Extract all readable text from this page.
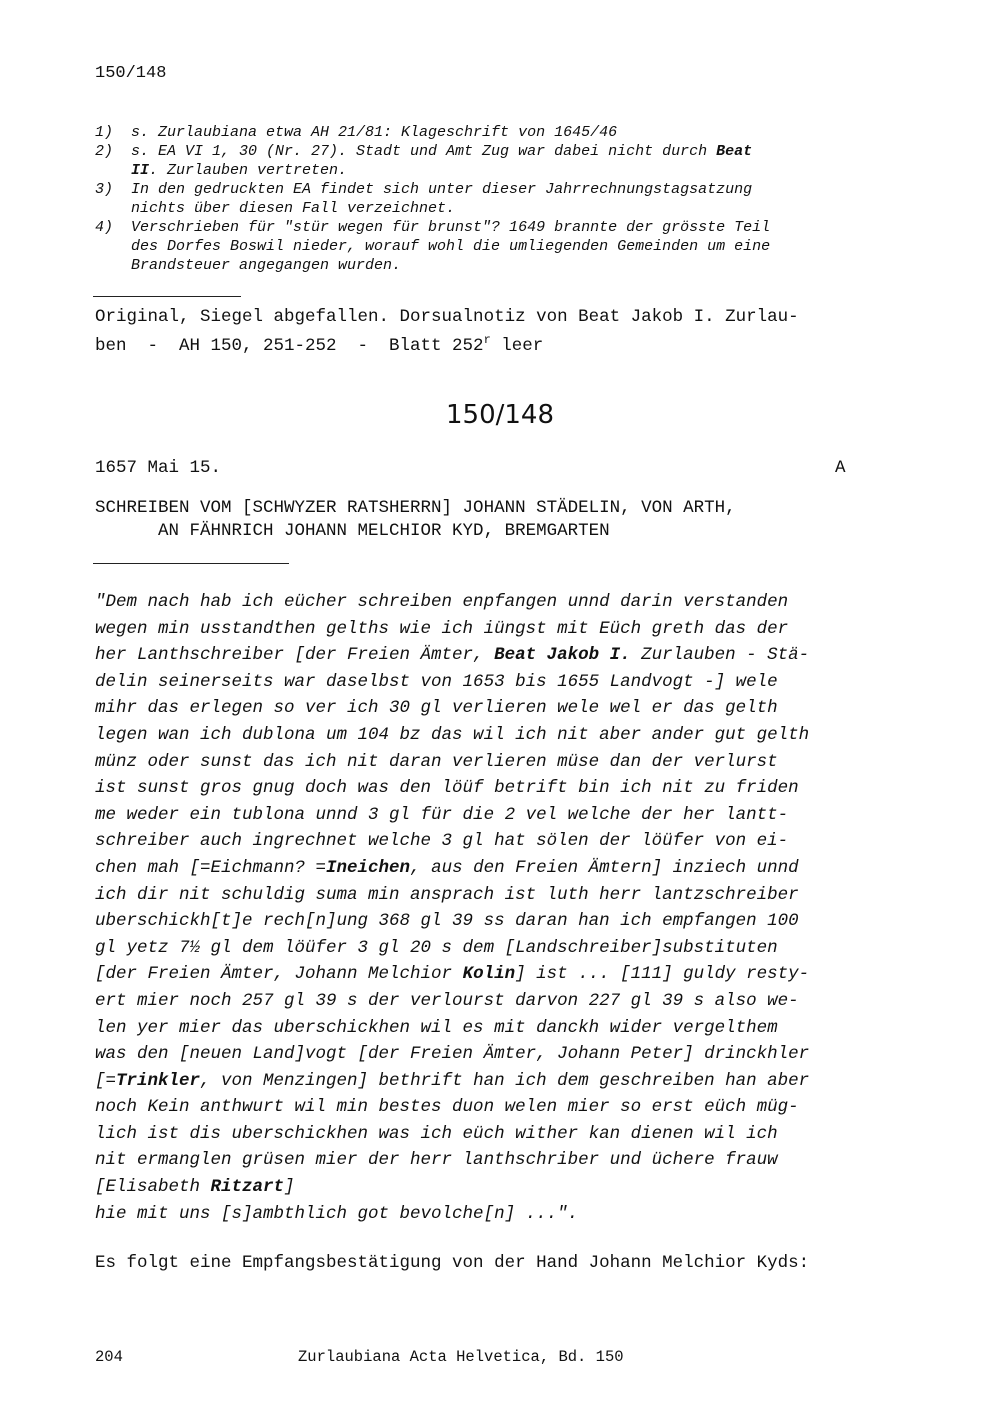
150/148
1) s. Zurlaubiana etwa AH 21/81: Klageschrift von 1645/46
2) s. EA VI 1, 30 (Nr. 27). Stadt und Amt Zug war dabei nicht durch Beat
II. Zurlauben vertreten.
3) In den gedruckten EA findet sich unter dieser Jahrrechnungstagsatzung
nichts über diesen Fall verzeichnet.
4) Verschrieben für "stür wegen für brunst"? 1649 brannte der grösste Teil
des Dorfes Boswil nieder, worauf wohl die umliegenden Gemeinden um eine
Brandsteuer angegangen wurden.
Original, Siegel abgefallen. Dorsualnotiz von Beat Jakob I. Zurlau-
ben  -  AH 150, 251-252  -  Blatt 252$^r$ leer
150/148
1657 Mai 15.	A
SCHREIBEN VOM [SCHWYZER RATSHERRN] JOHANN STÄDELIN, VON ARTH,
AN FÄHNRICH JOHANN MELCHIOR KYD, BREMGARTEN
"Dem nach hab ich eücher schreiben enpfangen unnd darin verstanden
wegen min usstandthen gelths wie ich iüngst mit Eüch greth das der
her Lanthschreiber [der Freien Ämter, Beat Jakob I. Zurlauben - Stä-
delin seinerseits war daselbst von 1653 bis 1655 Landvogt -] wele
mihr das erlegen so ver ich 30 gl verlieren wele wel er das gelth
legen wan ich dublona um 104 bz das wil ich nit aber ander gut gelth
münz oder sunst das ich nit daran verlieren müse dan der verlurst
ist sunst gros gnug doch was den löüf betrift bin ich nit zu friden
me weder ein tublona unnd 3 gl für die 2 vel welche der her lantt-
schreiber auch ingrechnet welche 3 gl hat sölen der löüfer von ei-
chen mah [=Eichmann? =Ineichen, aus den Freien Ämtern] inziech unnd
ich dir nit schuldig suma min ansprach ist luth herr lantzschreiber
uberschickh[t]e rech[n]ung 368 gl 39 ss daran han ich empfangen 100
gl yetz 7½ gl dem löüfer 3 gl 20 s dem [Landschreiber]substituten
[der Freien Ämter, Johann Melchior Kolin] ist ... [111] guldy resty-
ert mier noch 257 gl 39 s der verlourst darvon 227 gl 39 s also we-
len yer mier das uberschickhen wil es mit danckh wider vergelthem
was den [neuen Land]vogt [der Freien Ämter, Johann Peter] drinckhler
[=Trinkler, von Menzingen] bethrift han ich dem geschreiben han aber
noch Kein anthwurt wil min bestes duon welen mier so erst eüch müg-
lich ist dis uberschickhen was ich eüch wither kan dienen wil ich
nit ermanglen grüsen mier der herr lanthschriber und üchere frauw
[Elisabeth Ritzart]
hie mit uns [s]ambthlich got bevolche[n] ...".
Es folgt eine Empfangsbestätigung von der Hand Johann Melchior Kyds:
204	Zurlaubiana Acta Helvetica, Bd. 150
